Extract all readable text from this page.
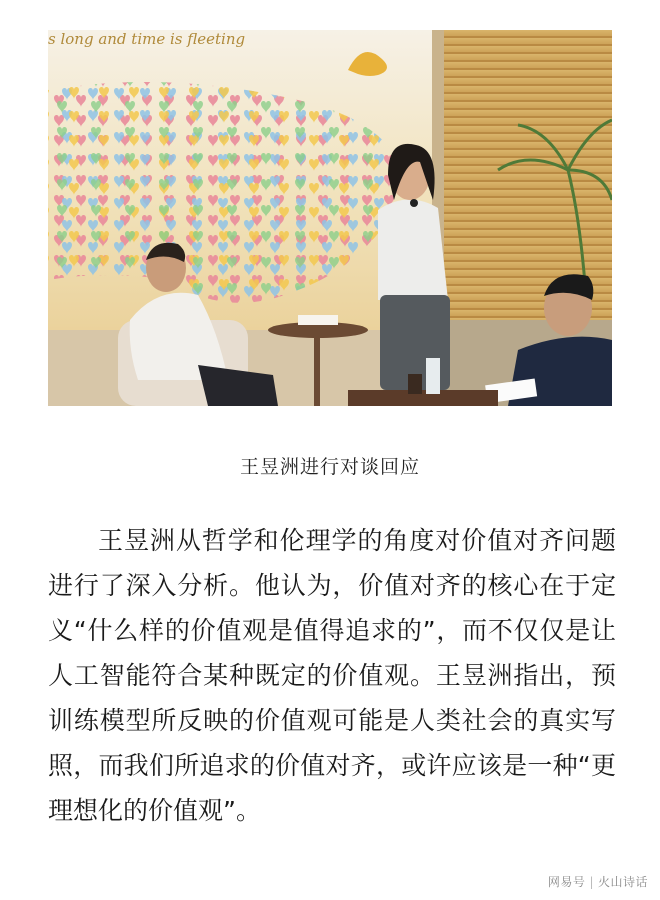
s long and time is fleeting
王昱洲进行对谈回应

王昱洲从哲学和伦理学的角度对价值对齐问题进行了深入分析。他认为，价值对齐的核心在于定义“什么样的价值观是值得追求的”，而不仅仅是让人工智能符合某种既定的价值观。王昱洲指出，预训练模型所反映的价值观可能是人类社会的真实写照，而我们所追求的价值对齐，或许应该是一种“更理想化的价值观”。

网易号 | 火山诗话
